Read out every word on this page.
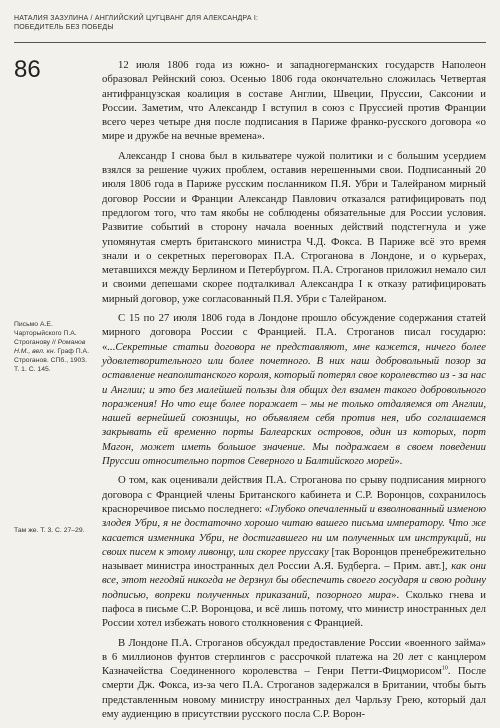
НАТАЛИЯ ЗАЗУЛИНА / АНГЛИЙСКИЙ ЦУГЦВАНГ ДЛЯ АЛЕКСАНДРА I:
ПОБЕДИТЕЛЬ БЕЗ ПОБЕДЫ
86	12 июля 1806 года из южно- и западногерманских государств Наполеон образовал Рейнский союз. Осенью 1806 года окончательно сложилась Четвертая антифранцузская коалиция в составе Англии, Швеции, Пруссии, Саксонии и России. Заметим, что Александр I вступил в союз с Пруссией против Франции всего через четыре дня после подписания в Париже франко-русского договора «о мире и дружбе на вечные времена».

Александр I снова был в кильватере чужой политики и с большим усердием взялся за решение чужих проблем, оставив нерешенными свои. Подписанный 20 июля 1806 года в Париже русским посланником П.Я. Убри и Талейраном мирный договор России и Франции Александр Павлович отказался ратифицировать под предлогом того, что там якобы не соблюдены обязательные для России условия. Развитие событий в сторону начала военных действий подстегнула и уже упомянутая смерть британского министра Ч.Д. Фокса. В Париже всё это время знали и о секретных переговорах П.А. Строганова в Лондоне, и о курьерах, метавшихся между Берлином и Петербургом. П.А. Строганов приложил немало сил и своими депешами скорее подталкивал Александра I к отказу ратифицировать мирный договор, уже согласованный П.Я. Убри с Талейраном.

С 15 по 27 июля 1806 года в Лондоне прошло обсуждение содержания статей мирного договора России с Францией. П.А. Строганов писал государю: «...Секретные статьи договора не представляют, мне кажется, ничего более удовлетворительного или более почетного. В них наш добровольный позор за оставление неаполитанского короля, который потерял свое королевство из - за нас и Англии; и это без малейшей пользы для общих дел взамен такого добровольного поражения! Но что еще более поражает – мы не только отдаляемся от Англии, нашей вернейшей союзницы, но объявляем себя против нея, ибо соглашаемся закрывать ей временно порты Балеарских островов, один из которых, порт Магон, может иметь большое значение. Мы подражаем в своем поведении Пруссии относительно портов Северного и Балтийского морей».

О том, как оценивали действия П.А. Строганова по срыву подписания мирного договора с Францией члены Британского кабинета и С.Р. Воронцов, сохранилось красноречивое письмо последнего: «Глубоко опечаленный и взволнованный изменою злодея Убри, я не достаточно хорошо читаю вашего письма императору. Что же касается изменника Убри, не достигавшего ни им полученных им инструкций, ни своих писем к этому ливонцу, или скорее пруссаку [так Воронцов пренебрежительно называет министра иностранных дел России А.Я. Будберга. – Прим. авт.], как они все, этот негодяй никогда не дерзнул бы обеспечить своего государя и свою родину подписью, вопреки полученных приказаний, позорного мира». Сколько гнева и пафоса в письме С.Р. Воронцова, и всё лишь потому, что министр иностранных дел России хотел избежать нового столкновения с Францией.

В Лондоне П.А. Строганов обсуждал предоставление России «военного займа» в 6 миллионов фунтов стерлингов с рассрочкой платежа на 20 лет с канцлером Казначейства Соединенного королевства – Генри Петти-Фицморисом$^{10}$. После смерти Дж. Фокса, из-за чего П.А. Строганов задержался в Британии, чтобы быть представленным новому министру иностранных дел Чарльзу Грею, который дал ему аудиенцию в присутствии русского посла С.Р. Ворон-

Письмо А.Е. Чарторыйского П.А. Строганову // Романов Н.М., вел. кн. Граф П.А. Строганов. СПб., 1903. Т. 1. С. 145.
Там же. Т. 3. С. 27–29.
